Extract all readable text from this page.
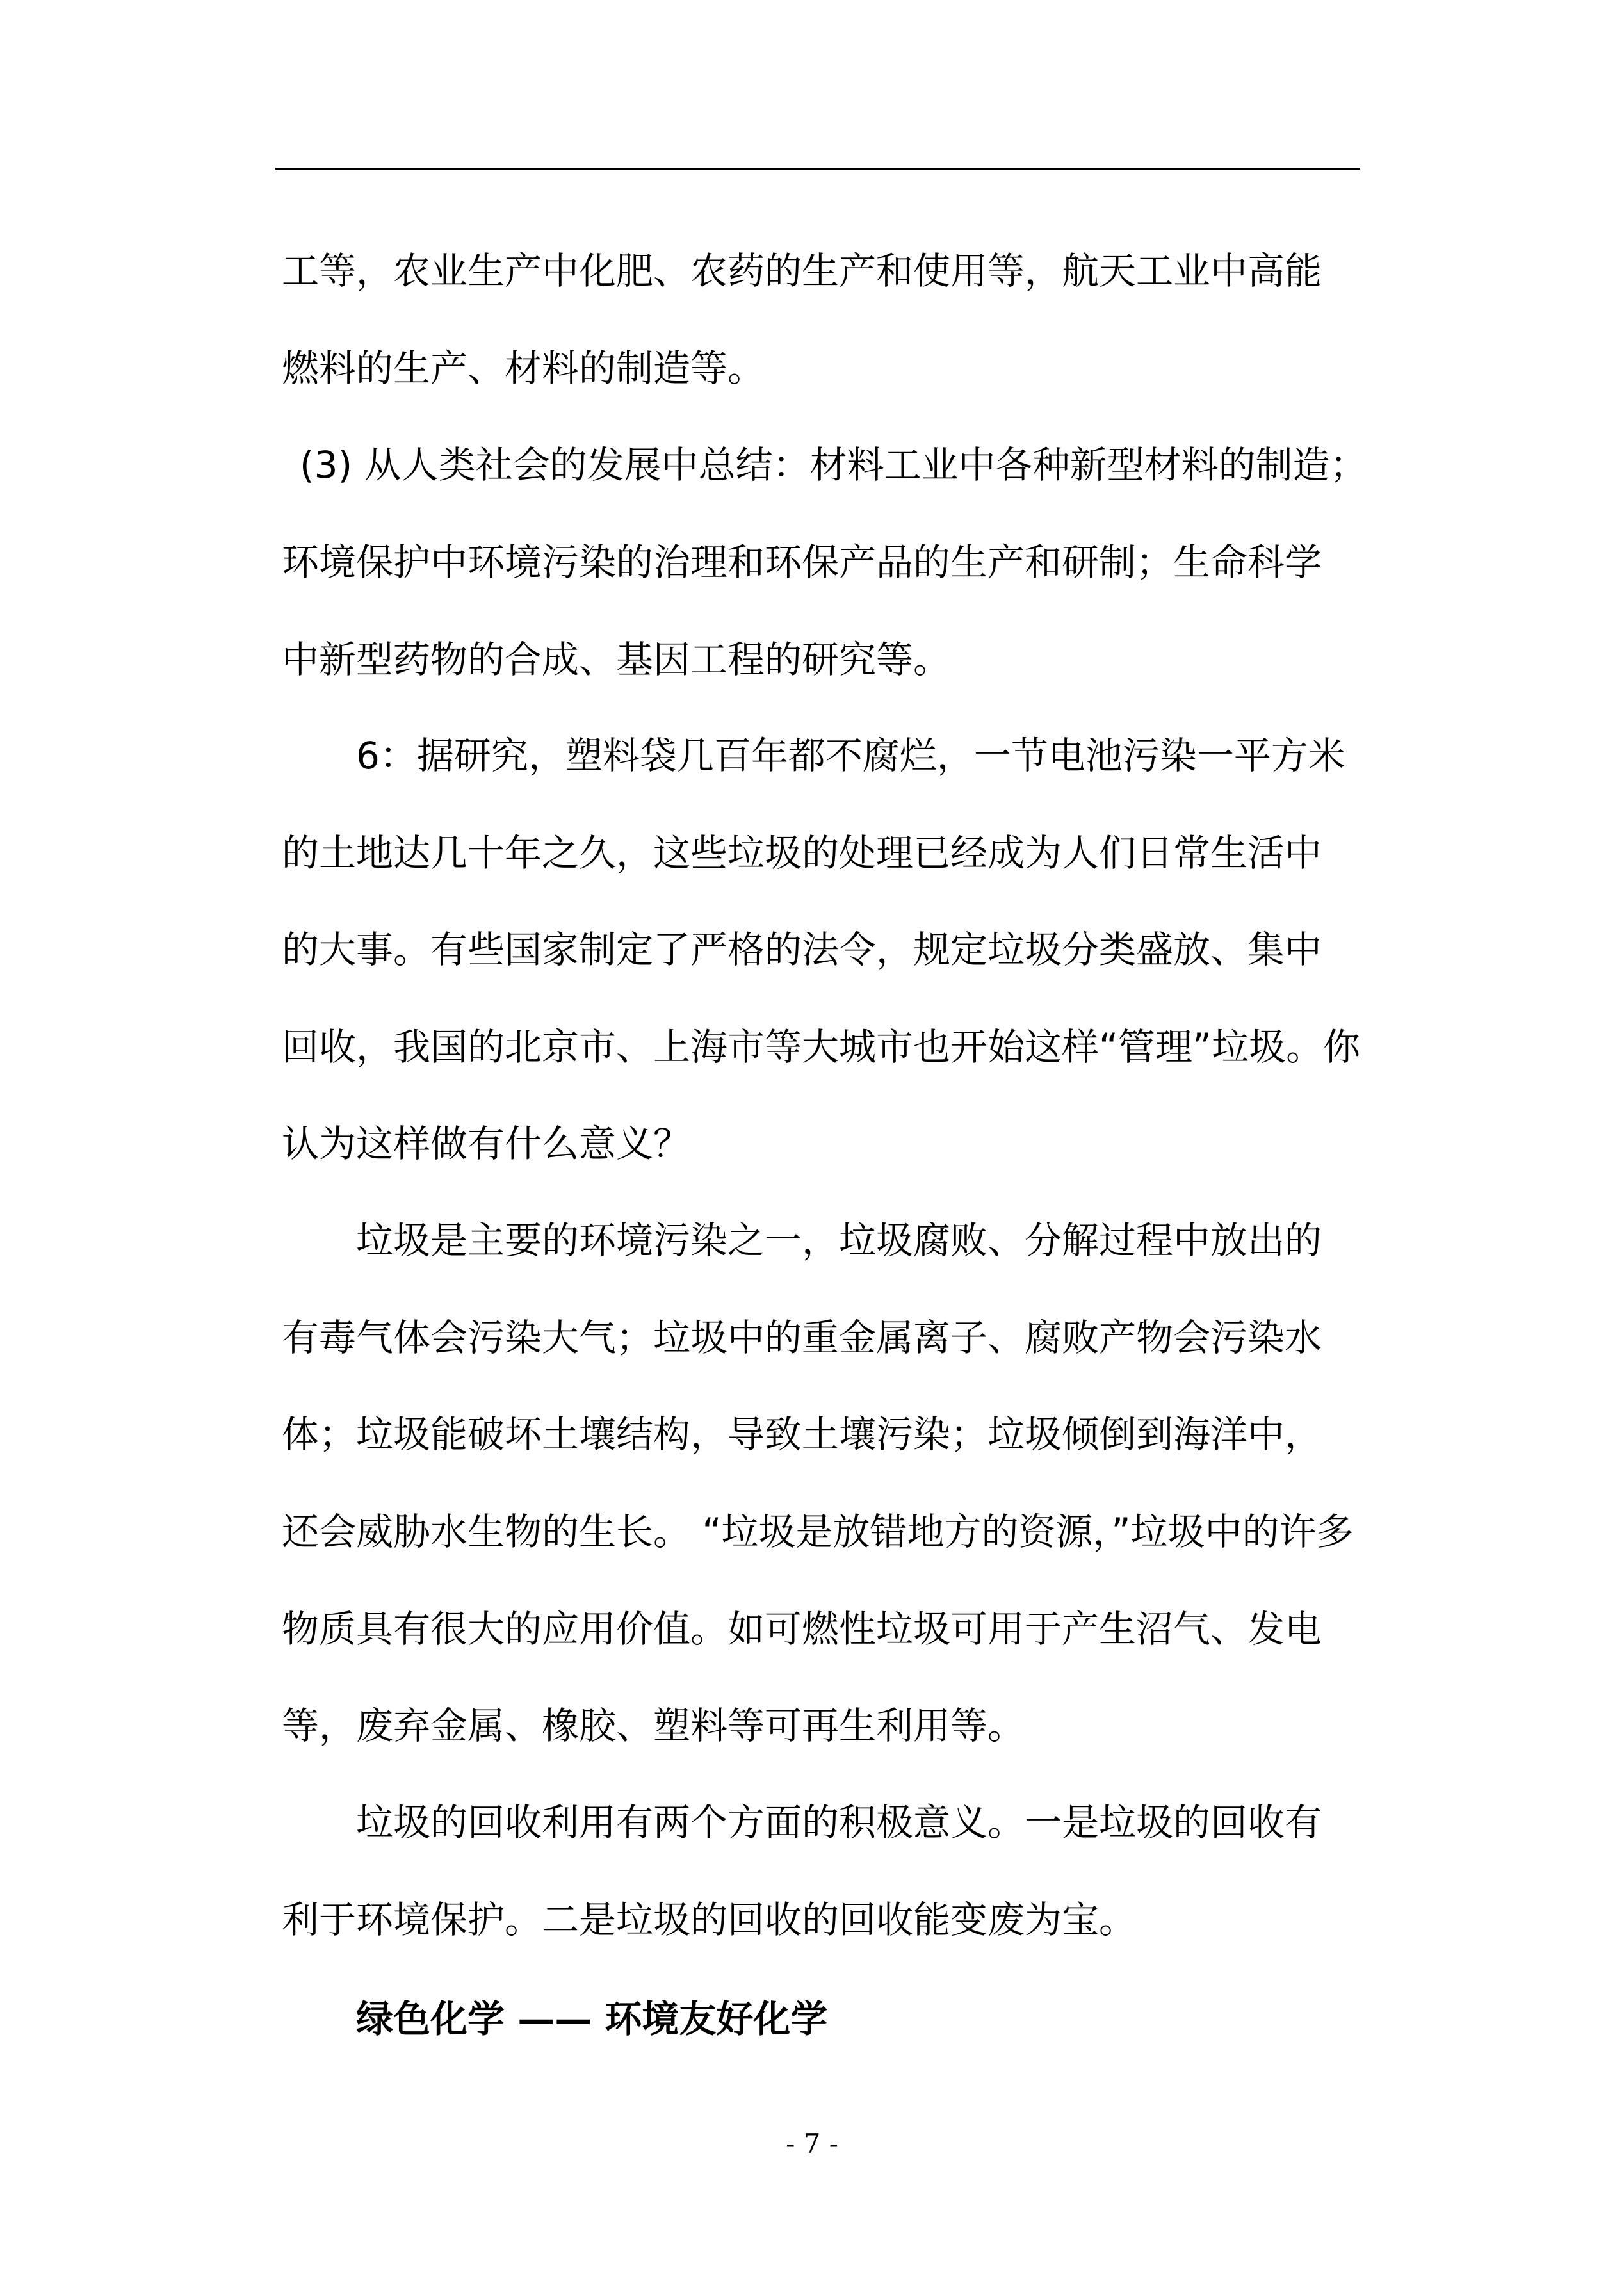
工等，农业生产中化肥、农药的生产和使用等，航天工业中高能
燃料的生产、材料的制造等。
(3) 从人类社会的发展中总结：材料工业中各种新型材料的制造；
环境保护中环境污染的治理和环保产品的生产和研制；生命科学
中新型药物的合成、基因工程的研究等。
6：据研究，塑料袋几百年都不腐烂，一节电池污染一平方米
的土地达几十年之久，这些垃圾的处理已经成为人们日常生活中
的大事。有些国家制定了严格的法令，规定垃圾分类盛放、集中
回收，我国的北京市、上海市等大城市也开始这样“管理”垃圾。你
认为这样做有什么意义？
垃圾是主要的环境污染之一，垃圾腐败、分解过程中放出的
有毒气体会污染大气；垃圾中的重金属离子、腐败产物会污染水
体；垃圾能破坏土壤结构，导致土壤污染；垃圾倾倒到海洋中，
还会威胁水生物的生长。 “垃圾是放错地方的资源，”垃圾中的许多
物质具有很大的应用价值。如可燃性垃圾可用于产生沼气、发电
等，废弃金属、橡胶、塑料等可再生利用等。
垃圾的回收利用有两个方面的积极意义。一是垃圾的回收有
利于环境保护。二是垃圾的回收的回收能变废为宝。
绿色化学 —— 环境友好化学
- 7 -
